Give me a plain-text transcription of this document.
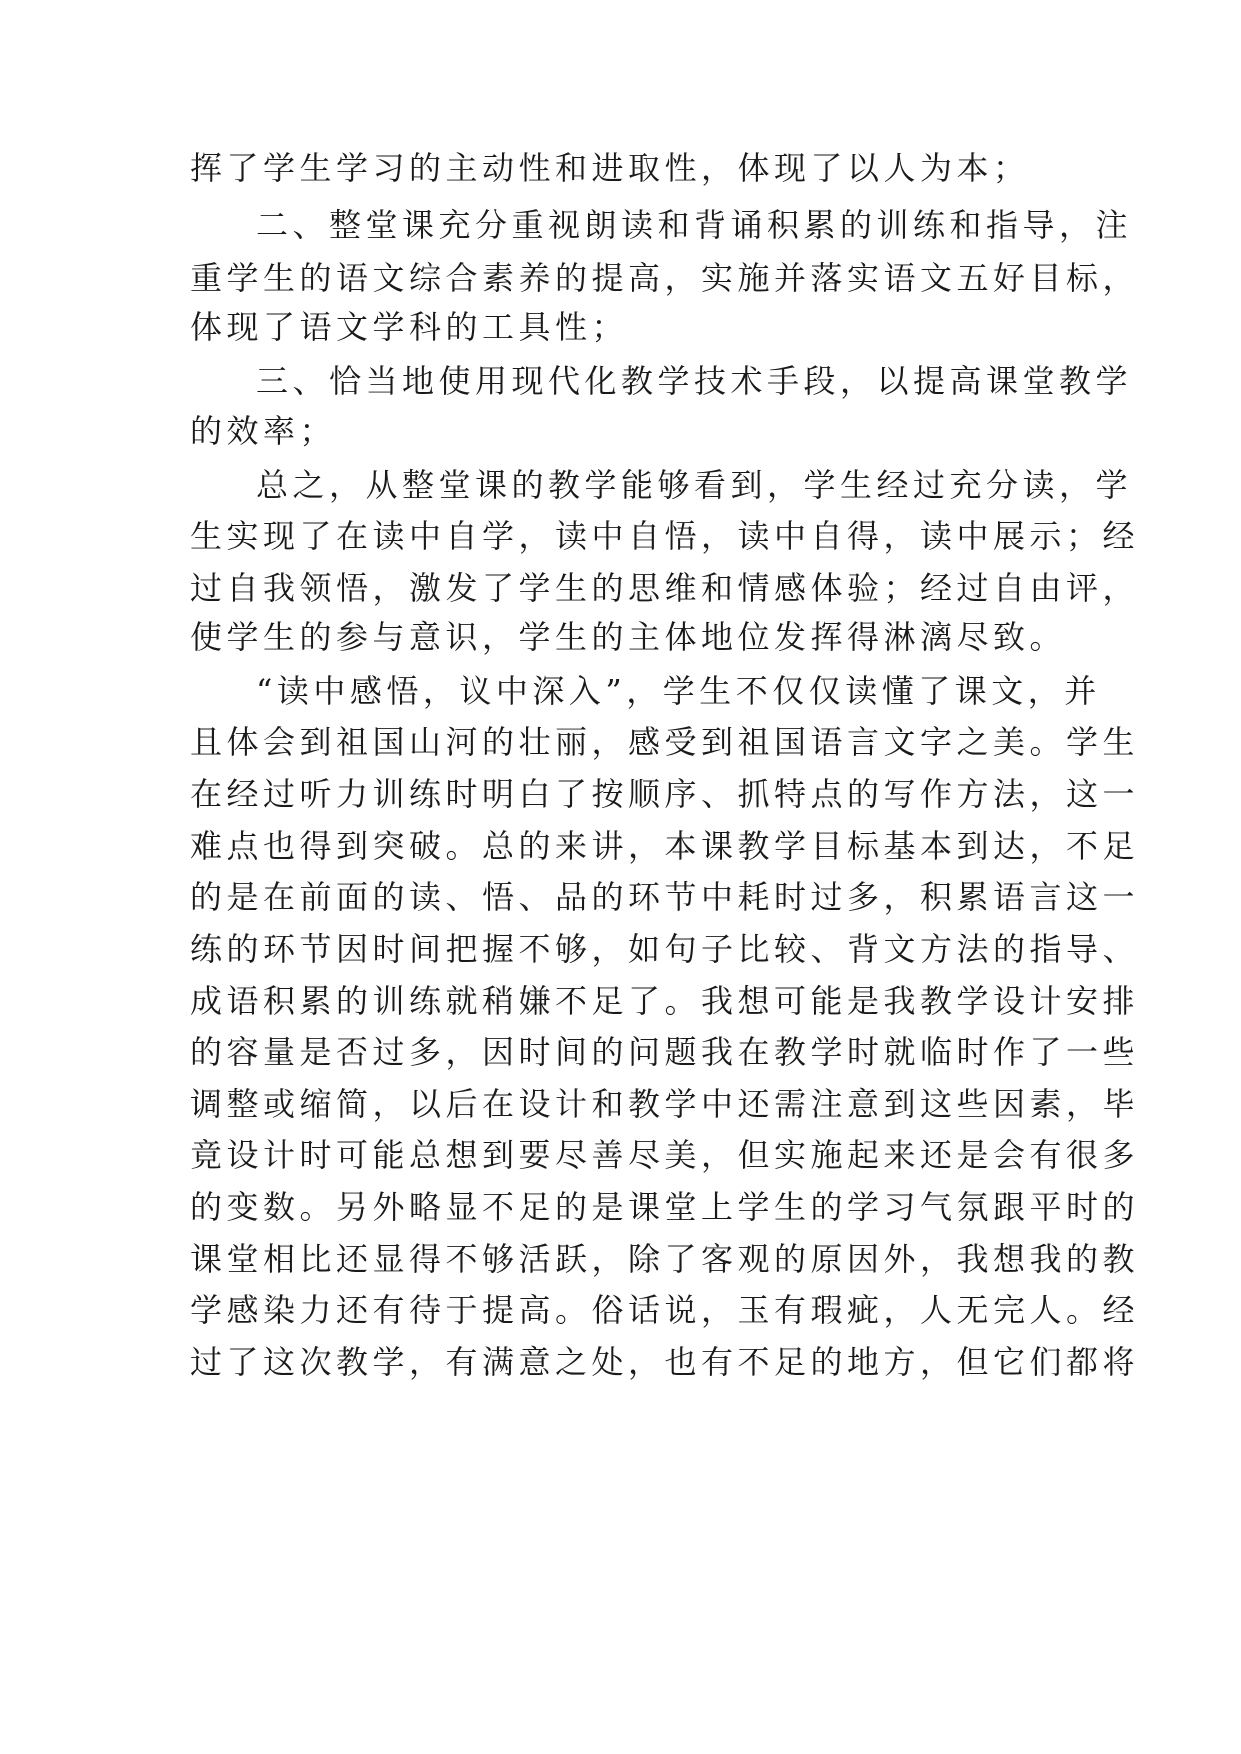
挥了学生学习的主动性和进取性，体现了以人为本；
二、整堂课充分重视朗读和背诵积累的训练和指导，注
重学生的语文综合素养的提高，实施并落实语文五好目标，
体现了语文学科的工具性；
三、恰当地使用现代化教学技术手段，以提高课堂教学
的效率；
总之，从整堂课的教学能够看到，学生经过充分读，学
生实现了在读中自学，读中自悟，读中自得，读中展示；经
过自我领悟，激发了学生的思维和情感体验；经过自由评，
使学生的参与意识，学生的主体地位发挥得淋漓尽致。
“读中感悟，议中深入”，学生不仅仅读懂了课文，并
且体会到祖国山河的壮丽，感受到祖国语言文字之美。学生
在经过听力训练时明白了按顺序、抓特点的写作方法，这一
难点也得到突破。总的来讲，本课教学目标基本到达，不足
的是在前面的读、悟、品的环节中耗时过多，积累语言这一
练的环节因时间把握不够，如句子比较、背文方法的指导、
成语积累的训练就稍嫌不足了。我想可能是我教学设计安排
的容量是否过多，因时间的问题我在教学时就临时作了一些
调整或缩简，以后在设计和教学中还需注意到这些因素，毕
竟设计时可能总想到要尽善尽美，但实施起来还是会有很多
的变数。另外略显不足的是课堂上学生的学习气氛跟平时的
课堂相比还显得不够活跃，除了客观的原因外，我想我的教
学感染力还有待于提高。俗话说，玉有瑕疵，人无完人。经
过了这次教学，有满意之处，也有不足的地方，但它们都将
